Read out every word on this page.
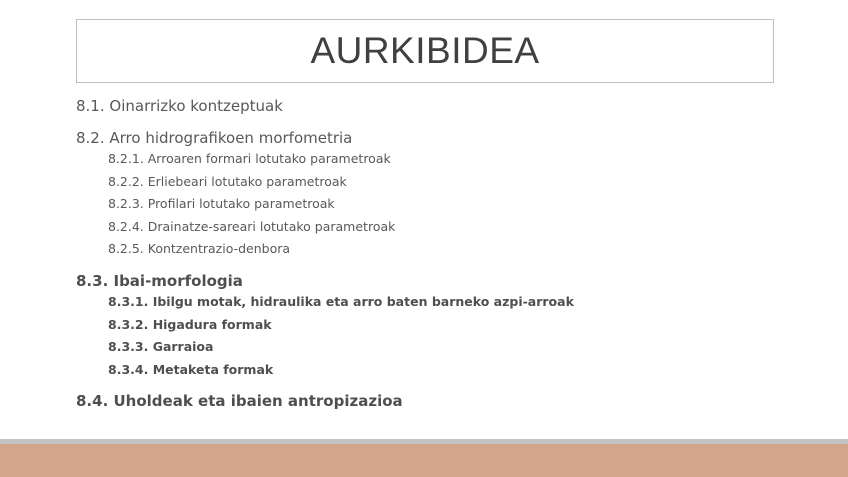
AURKIBIDEA
8.1. Oinarrizko kontzeptuak
8.2. Arro hidrografikoen morfometria
8.2.1. Arroaren formari lotutako parametroak
8.2.2. Erliebeari lotutako parametroak
8.2.3. Profilari lotutako parametroak
8.2.4. Drainatze-sareari lotutako parametroak
8.2.5. Kontzentrazio-denbora
8.3. Ibai-morfologia
8.3.1. Ibilgu motak, hidraulika eta arro baten barneko azpi-arroak
8.3.2. Higadura formak
8.3.3. Garraioa
8.3.4. Metaketa formak
8.4. Uholdeak eta ibaien antropizazioa
